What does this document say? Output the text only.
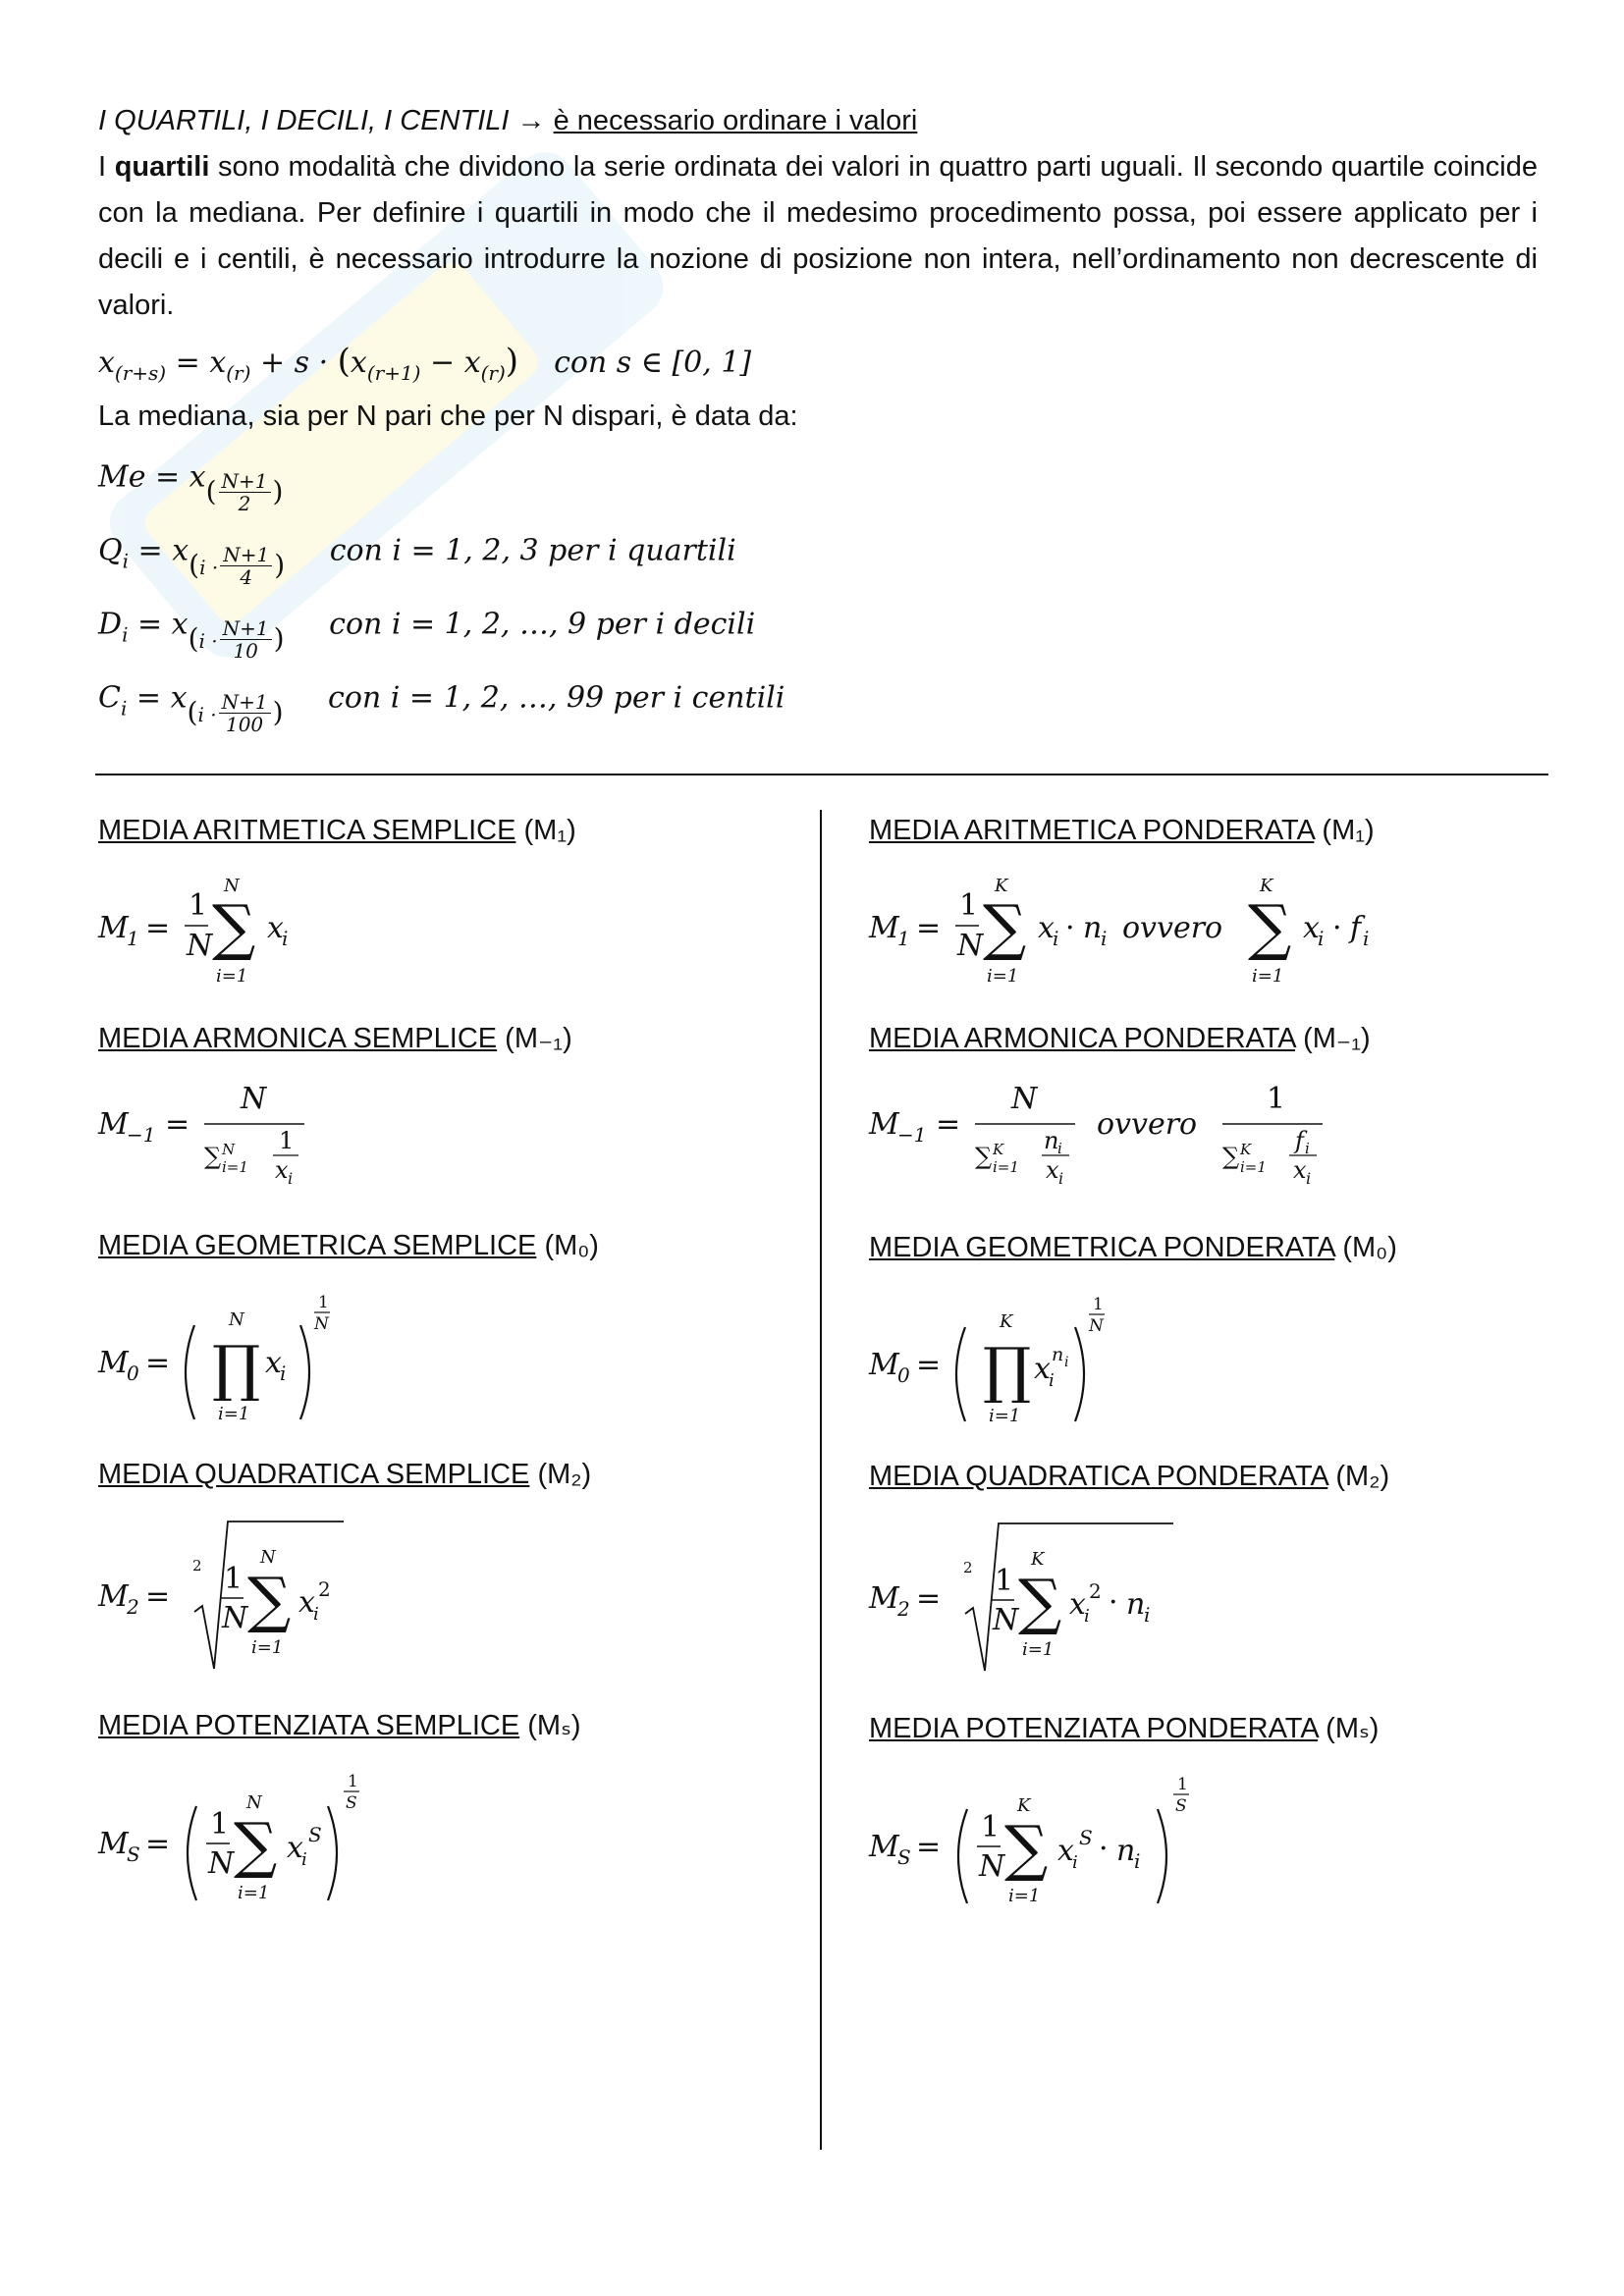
I QUARTILI, I DECILI, I CENTILI → è necessario ordinare i valori

I quartili sono modalità che dividono la serie ordinata dei valori in quattro parti uguali. Il secondo quartile coincide con la mediana. Per definire i quartili in modo che il medesimo procedimento possa, poi essere applicato per i decili e i centili, è necessario introdurre la nozione di posizione non intera, nell’ordinamento non decrescente di valori.

$x_{(r+s)} = x_{(r)} + s \cdot (x_{(r+1)} - x_{(r)})$ con s ∈ [0, 1]
La mediana, sia per N pari che per N dispari, è data da:
$Me = x( \frac{N+1}{2}$ )
$Q_i = x(i \cdot \frac{N+1}{4}$ ) con i = 1, 2, 3 per i quartili
$D_i = x(i \cdot \frac{N+1}{10}$ ) con i = 1, 2, …, 9 per i decili
$C_i = x(i \cdot \frac{N+1}{100}$ ) con i = 1, 2, …, 99 per i centili
MEDIA ARITMETICA SEMPLICE (M₁)
MEDIA ARMONICA SEMPLICE (M₋₁)
MEDIA GEOMETRICA SEMPLICE (M₀)
MEDIA QUADRATICA SEMPLICE (M₂)
MEDIA POTENZIATA SEMPLICE (Mₛ)
MEDIA ARITMETICA PONDERATA (M₁)
MEDIA ARMONICA PONDERATA (M₋₁)
MEDIA GEOMETRICA PONDERATA (M₀)
MEDIA QUADRATICA PONDERATA (M₂)
MEDIA POTENZIATA PONDERATA (Mₛ)
M
1 =
1
N ∑
N
i=1
x
i	M
1 =
1
N ∑
K
i=1
x
i · n
i ovvero ∑
K
i=1
x
i · f i
M
−1 =
N
∑ N
i=1
1
x i
M
−1 =
N
∑ K
i=1
n
i
x i
ovvero
1
∑ K
i=1
f i
x i
M
0 = ∏
N
i=1
x
i
1
N
M
0 = ∏
K
i=1
x
i
n i
1
N
M
2 =
2 1
N ∑
N
i=1
x
i
2	M
2 =
2 1
N ∑
K
i=1
x
i
2 · n
i
M
S =
1
N ∑
N
i=1
x
i
S
1
S
M
S =
1
N ∑
K
i=1
x
i
S · n
i
1
S
